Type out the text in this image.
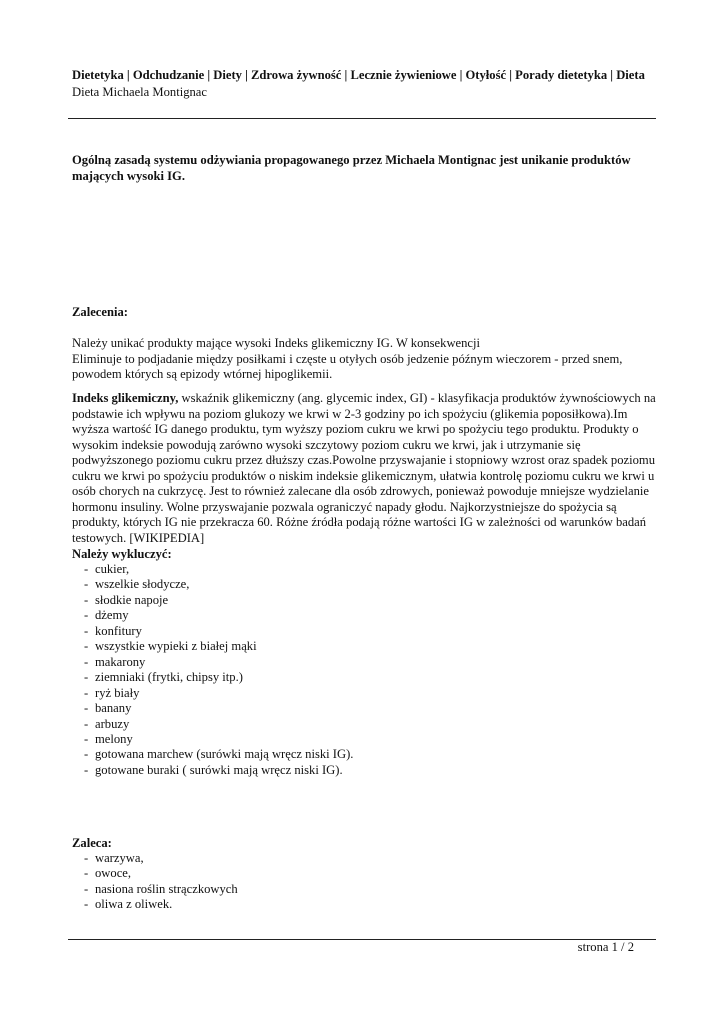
Dietetyka | Odchudzanie | Diety | Zdrowa żywność | Lecznie żywieniowe | Otyłość | Porady dietetyka | Dieta
Dieta Michaela Montignac
Ogólną zasadą systemu odżywiania propagowanego przez Michaela Montignac jest unikanie produktów mających wysoki IG.
Zalecenia:

Należy unikać produkty mające wysoki Indeks glikemiczny IG. W konsekwencji

Eliminuje to podjadanie między posiłkami i częste u otyłych osób jedzenie późnym wieczorem - przed snem, powodem których są epizody wtórnej hipoglikemii.

Indeks glikemiczny, wskaźnik glikemiczny (ang. glycemic index, GI) - klasyfikacja produktów żywnościowych na podstawie ich wpływu na poziom glukozy we krwi w 2-3 godziny po ich spożyciu (glikemia poposiłkowa).Im wyższa wartość IG danego produktu, tym wyższy poziom cukru we krwi po spożyciu tego produktu. Produkty o wysokim indeksie powodują zarówno wysoki szczytowy poziom cukru we krwi, jak i utrzymanie się podwyższonego poziomu cukru przez dłuższy czas.Powolne przyswajanie i stopniowy wzrost oraz spadek poziomu cukru we krwi po spożyciu produktów o niskim indeksie glikemicznym, ułatwia kontrolę poziomu cukru we krwi u osób chorych na cukrzycę. Jest to również zalecane dla osób zdrowych, ponieważ powoduje mniejsze wydzielanie hormonu insuliny. Wolne przyswajanie pozwala ograniczyć napady głodu. Najkorzystniejsze do spożycia są produkty, których IG nie przekracza 60. Różne źródła podają różne wartości IG w zależności od warunków badań testowych. [WIKIPEDIA]
Należy wykluczyć:
- cukier,
- wszelkie słodycze,
- słodkie napoje
- dżemy
- konfitury
- wszystkie wypieki z białej mąki
- makarony
- ziemniaki (frytki, chipsy itp.)
- ryż biały
- banany
- arbuzy
- melony
- gotowana marchew (surówki mają wręcz niski IG).
- gotowane buraki ( surówki mają wręcz niski IG).
Zaleca:
- warzywa,
- owoce,
- nasiona roślin strączkowych
- oliwa z oliwek.
strona 1 / 2
